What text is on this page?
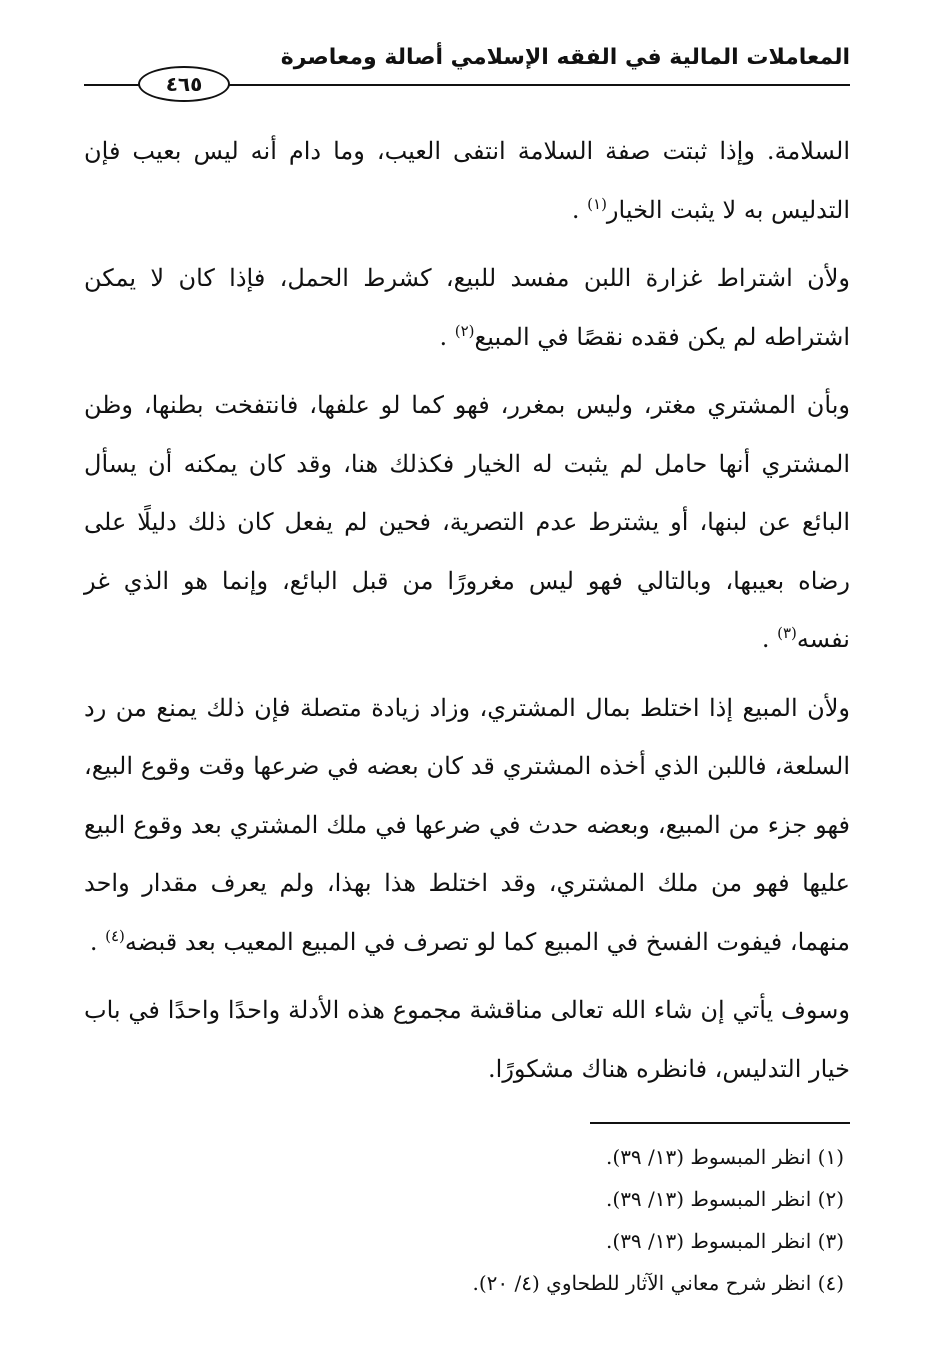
المعاملات المالية في الفقه الإسلامي أصالة ومعاصرة
٤٦٥

السلامة. وإذا ثبتت صفة السلامة انتفى العيب، وما دام أنه ليس بعيب فإن التدليس به لا يثبت الخيار$^{(١)}$ .

ولأن اشتراط غزارة اللبن مفسد للبيع، كشرط الحمل، فإذا كان لا يمكن اشتراطه لم يكن فقده نقصًا في المبيع$^{(٢)}$ .

وبأن المشتري مغتر، وليس بمغرر، فهو كما لو علفها، فانتفخت بطنها، وظن المشتري أنها حامل لم يثبت له الخيار فكذلك هنا، وقد كان يمكنه أن يسأل البائع عن لبنها، أو يشترط عدم التصرية، فحين لم يفعل كان ذلك دليلًا على رضاه بعيبها، وبالتالي فهو ليس مغرورًا من قبل البائع، وإنما هو الذي غر نفسه$^{(٣)}$ .

ولأن المبيع إذا اختلط بمال المشتري، وزاد زيادة متصلة فإن ذلك يمنع من رد السلعة، فاللبن الذي أخذه المشتري قد كان بعضه في ضرعها وقت وقوع البيع، فهو جزء من المبيع، وبعضه حدث في ضرعها في ملك المشتري بعد وقوع البيع عليها فهو من ملك المشتري، وقد اختلط هذا بهذا، ولم يعرف مقدار واحد منهما، فيفوت الفسخ في المبيع كما لو تصرف في المبيع المعيب بعد قبضه$^{(٤)}$ .

وسوف يأتي إن شاء الله تعالى مناقشة مجموع هذه الأدلة واحدًا واحدًا في باب خيار التدليس، فانظره هناك مشكورًا.

(١) انظر المبسوط (١٣/ ٣٩).
(٢) انظر المبسوط (١٣/ ٣٩).
(٣) انظر المبسوط (١٣/ ٣٩).
(٤) انظر شرح معاني الآثار للطحاوي (٤/ ٢٠).
